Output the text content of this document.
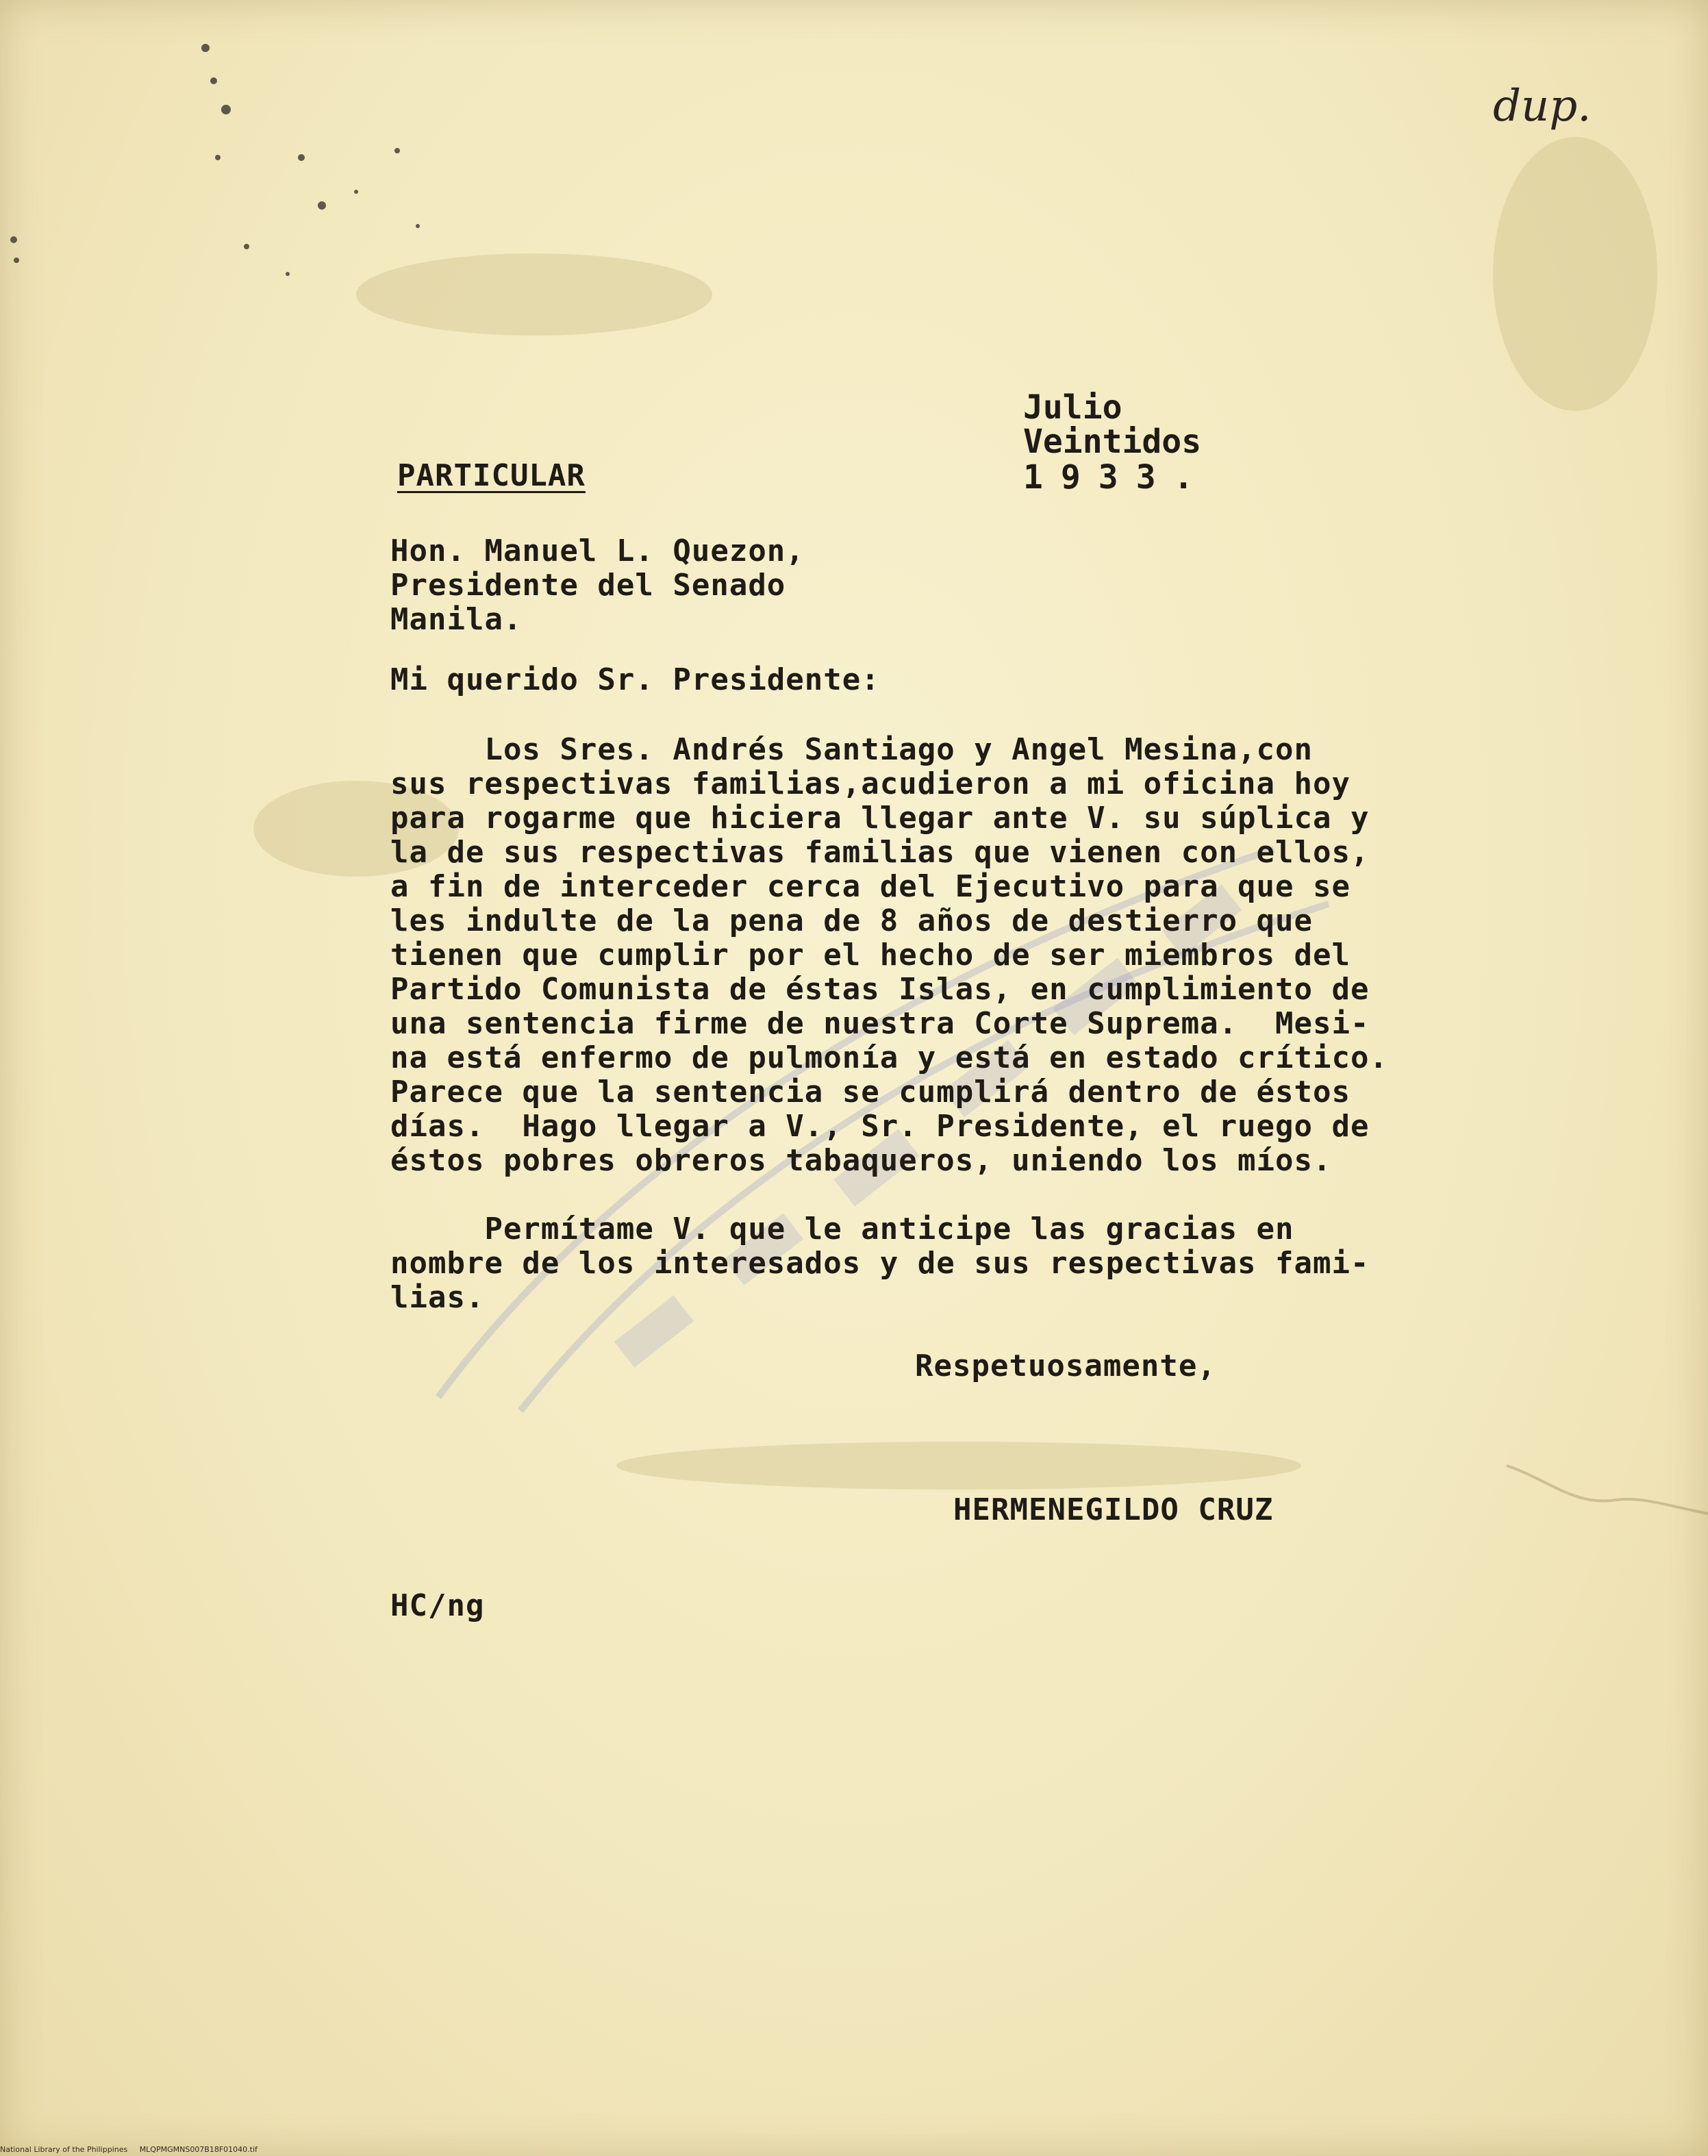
dup.
Julio
Veintidos
1933.
PARTICULAR
Hon. Manuel L. Quezon,
Presidente del Senado
Manila.
Mi querido Sr. Presidente:
Los Sres. Andrés Santiago y Angel Mesina,con
sus respectivas familias,acudieron a mi oficina hoy
para rogarme que hiciera llegar ante V. su súplica y
la de sus respectivas familias que vienen con ellos,
a fin de interceder cerca del Ejecutivo para que se
les indulte de la pena de 8 años de destierro que
tienen que cumplir por el hecho de ser miembros del
Partido Comunista de éstas Islas, en cumplimiento de
una sentencia firme de nuestra Corte Suprema.  Mesi-
na está enfermo de pulmonía y está en estado crítico.
Parece que la sentencia se cumplirá dentro de éstos
días.  Hago llegar a V., Sr. Presidente, el ruego de
éstos pobres obreros tabaqueros, uniendo los míos.
Permítame V. que le anticipe las gracias en
nombre de los interesados y de sus respectivas fami-
lias.
Respetuosamente,
HERMENEGILDO CRUZ
HC/ng
National Library of the Philippines     MLQPMGMNS007B18F01040.tif
